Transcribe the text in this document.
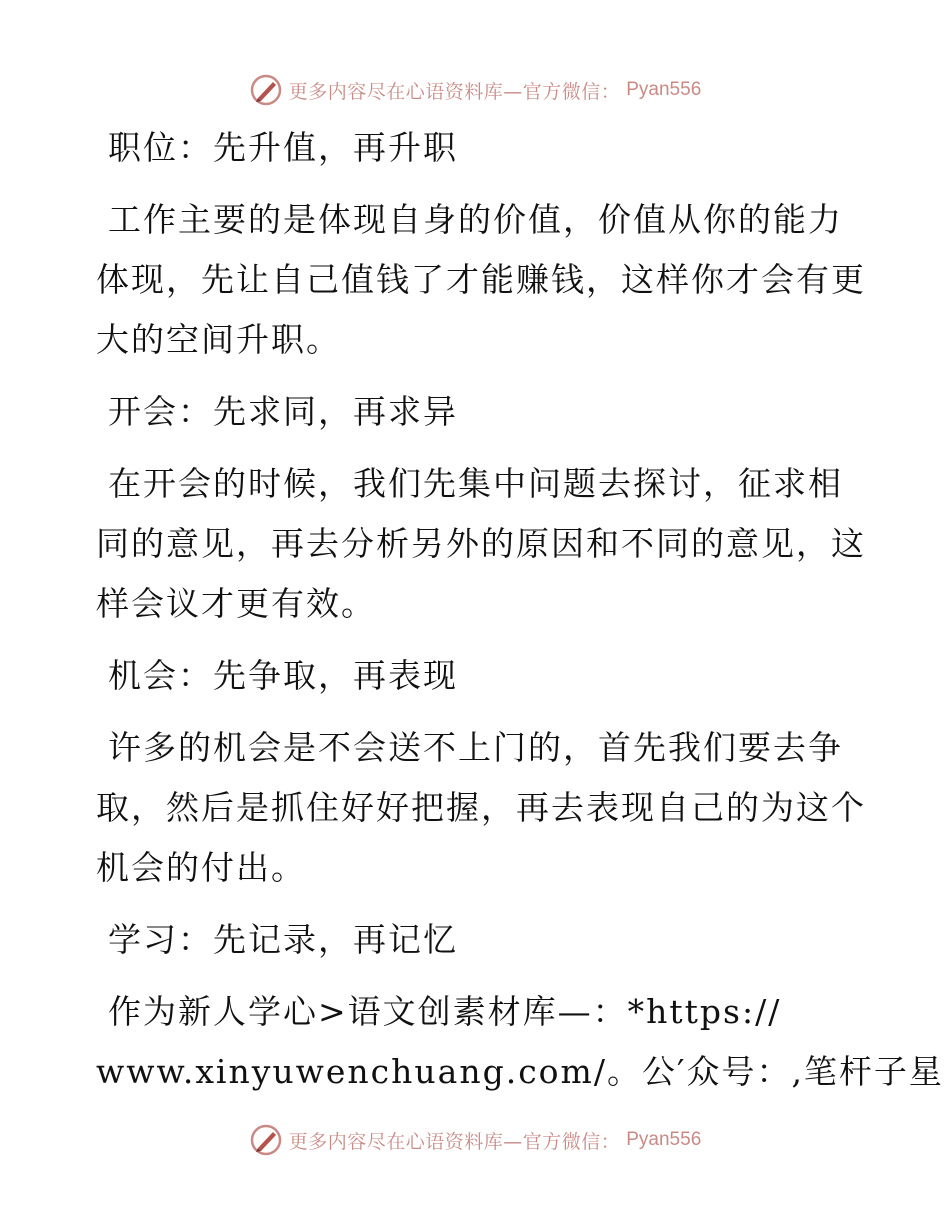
更多内容尽在心语资料库—官方微信： Pyan556
职位：先升值，再升职
工作主要的是体现自身的价值，价值从你的能力
体现，先让自己值钱了才能赚钱，这样你才会有更
大的空间升职。
开会：先求同，再求异
在开会的时候，我们先集中问题去探讨，征求相
同的意见，再去分析另外的原因和不同的意见，这
样会议才更有效。
机会：先争取，再表现
许多的机会是不会送不上门的，首先我们要去争
取，然后是抓住好好把握，再去表现自己的为这个
机会的付出。
学习：先记录，再记忆
作为新人学心>语文创素材库—：*https://
www.xinyuwenchuang.com/。公′众号：,笔杆子星
更多内容尽在心语资料库—官方微信： Pyan556
